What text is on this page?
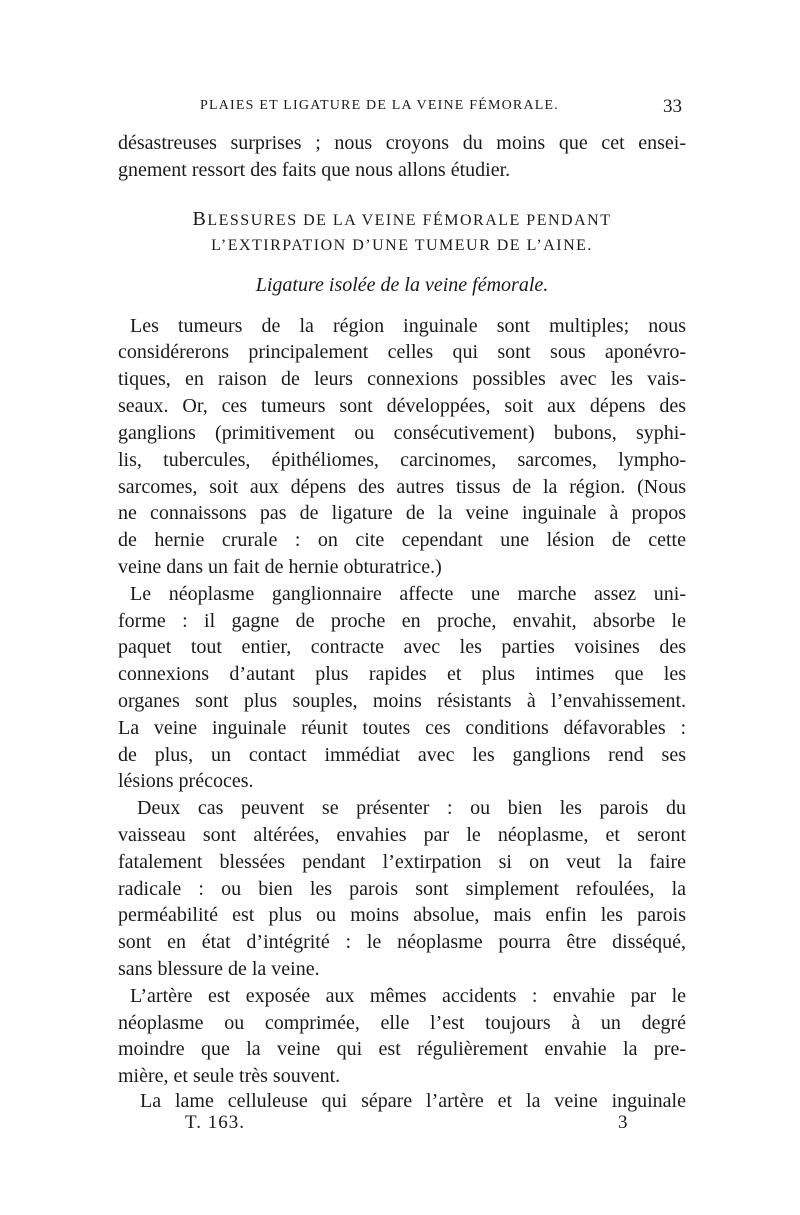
PLAIES ET LIGATURE DE LA VEINE FÉMORALE.	33
désastreuses surprises ; nous croyons du moins que cet ensei-
gnement ressort des faits que nous allons étudier.
BLESSURES DE LA VEINE FÉMORALE PENDANT
L’EXTIRPATION D’UNE TUMEUR DE L’AINE.
Ligature isolée de la veine fémorale.
Les tumeurs de la région inguinale sont multiples; nous
considérerons principalement celles qui sont sous aponévro-
tiques, en raison de leurs connexions possibles avec les vais-
seaux. Or, ces tumeurs sont développées, soit aux dépens des
ganglions (primitivement ou consécutivement) bubons, syphi-
lis, tubercules, épithéliomes, carcinomes, sarcomes, lympho-
sarcomes, soit aux dépens des autres tissus de la région. (Nous
ne connaissons pas de ligature de la veine inguinale à propos
de hernie crurale : on cite cependant une lésion de cette
veine dans un fait de hernie obturatrice.)
Le néoplasme ganglionnaire affecte une marche assez uni-
forme : il gagne de proche en proche, envahit, absorbe le
paquet tout entier, contracte avec les parties voisines des
connexions d’autant plus rapides et plus intimes que les
organes sont plus souples, moins résistants à l’envahissement.
La veine inguinale réunit toutes ces conditions défavorables :
de plus, un contact immédiat avec les ganglions rend ses
lésions précoces.
Deux cas peuvent se présenter : ou bien les parois du
vaisseau sont altérées, envahies par le néoplasme, et seront
fatalement blessées pendant l’extirpation si on veut la faire
radicale : ou bien les parois sont simplement refoulées, la
perméabilité est plus ou moins absolue, mais enfin les parois
sont en état d’intégrité : le néoplasme pourra être disséqué,
sans blessure de la veine.
L’artère est exposée aux mêmes accidents : envahie par le
néoplasme ou comprimée, elle l’est toujours à un degré
moindre que la veine qui est régulièrement envahie la pre-
mière, et seule très souvent.
La lame celluleuse qui sépare l’artère et la veine inguinale
T. 163.	3
